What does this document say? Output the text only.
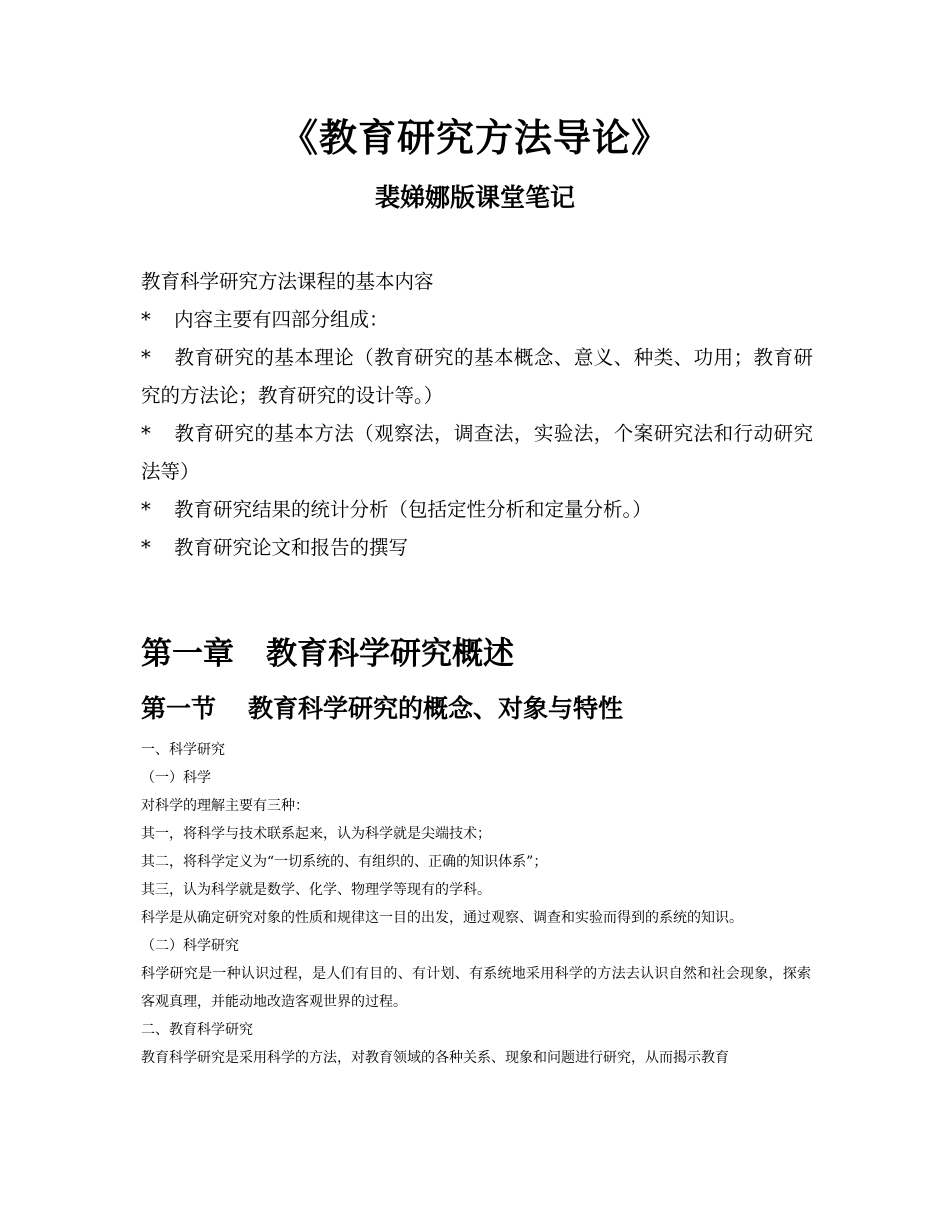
《教育研究方法导论》
裴娣娜版课堂笔记

教育科学研究方法课程的基本内容

* 内容主要有四部分组成：

* 教育研究的基本理论（教育研究的基本概念、意义、种类、功用；教育研究的方法论；教育研究的设计等。）

* 教育研究的基本方法（观察法，调查法，实验法，个案研究法和行动研究法等）

* 教育研究结果的统计分析（包括定性分析和定量分析。）

* 教育研究论文和报告的撰写

第一章 教育科学研究概述
第一节 教育科学研究的概念、对象与特性

一、科学研究

（一）科学

对科学的理解主要有三种：

其一，将科学与技术联系起来，认为科学就是尖端技术；

其二，将科学定义为“一切系统的、有组织的、正确的知识体系”；

其三，认为科学就是数学、化学、物理学等现有的学科。

科学是从确定研究对象的性质和规律这一目的出发，通过观察、调查和实验而得到的系统的知识。

（二）科学研究

科学研究是一种认识过程，是人们有目的、有计划、有系统地采用科学的方法去认识自然和社会现象，探索客观真理，并能动地改造客观世界的过程。

二、教育科学研究

教育科学研究是采用科学的方法，对教育领域的各种关系、现象和问题进行研究，从而揭示教育
